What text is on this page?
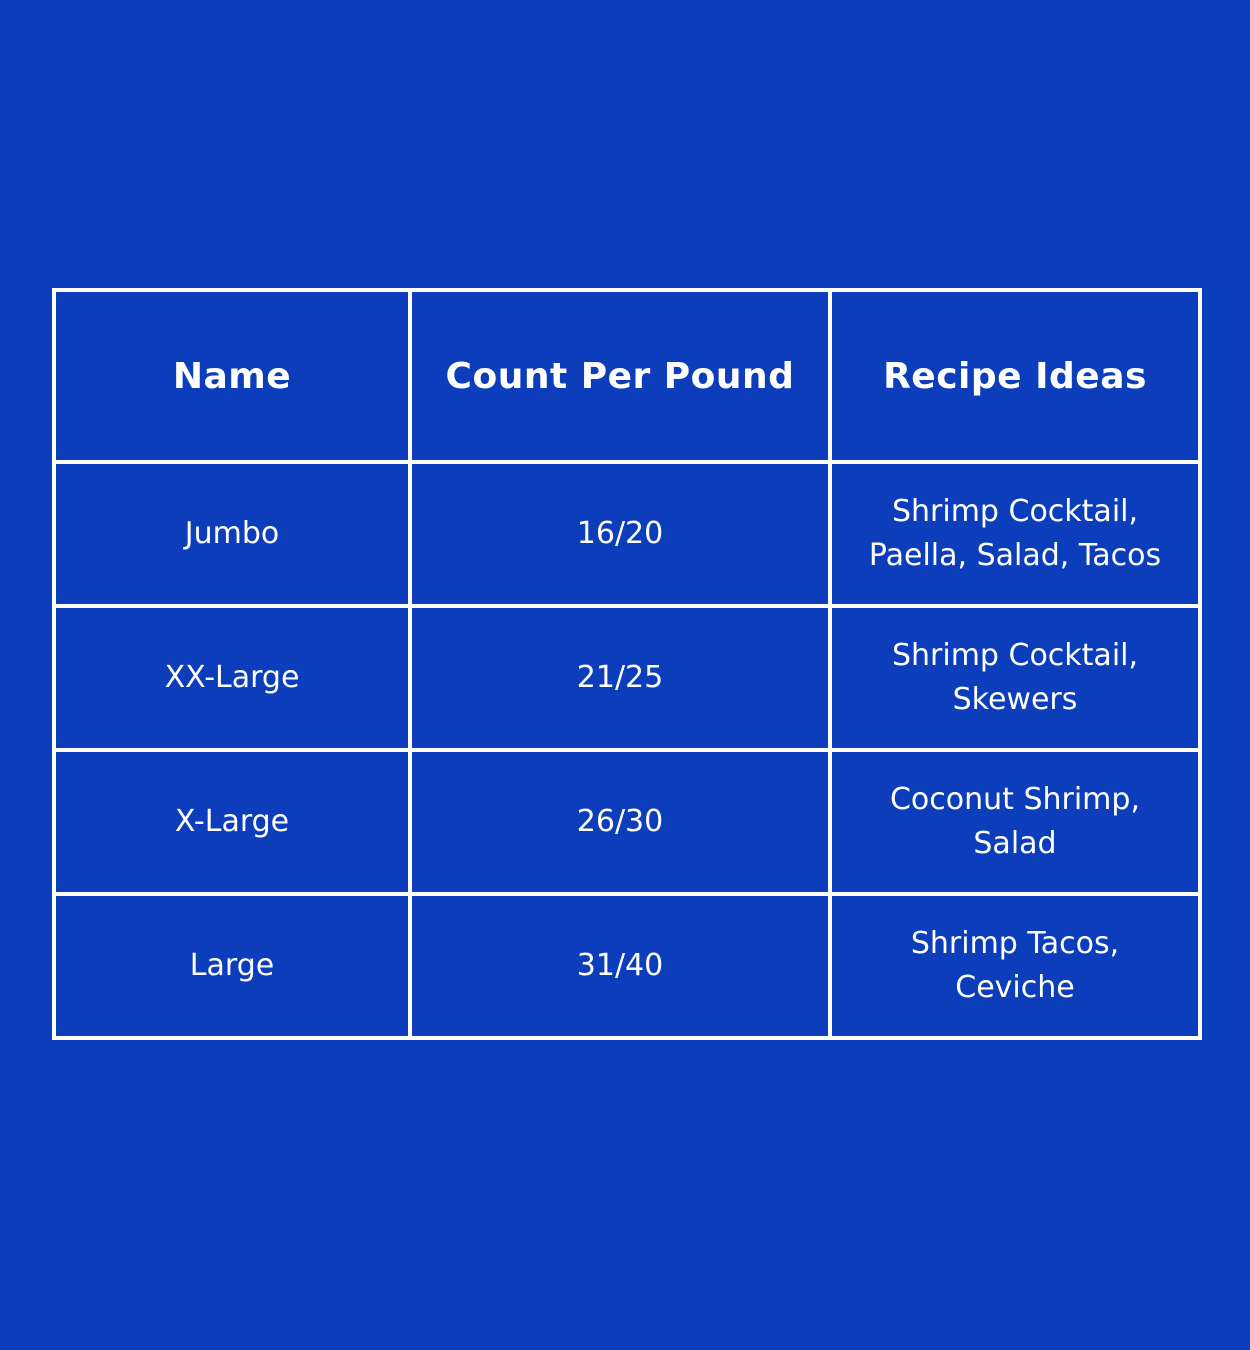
Name	Count Per Pound	Recipe Ideas
Jumbo	16/20	Shrimp Cocktail,
Paella, Salad, Tacos
XX-Large	21/25	Shrimp Cocktail,
Skewers
X-Large	26/30	Coconut Shrimp,
Salad
Large	31/40	Shrimp Tacos,
Ceviche
